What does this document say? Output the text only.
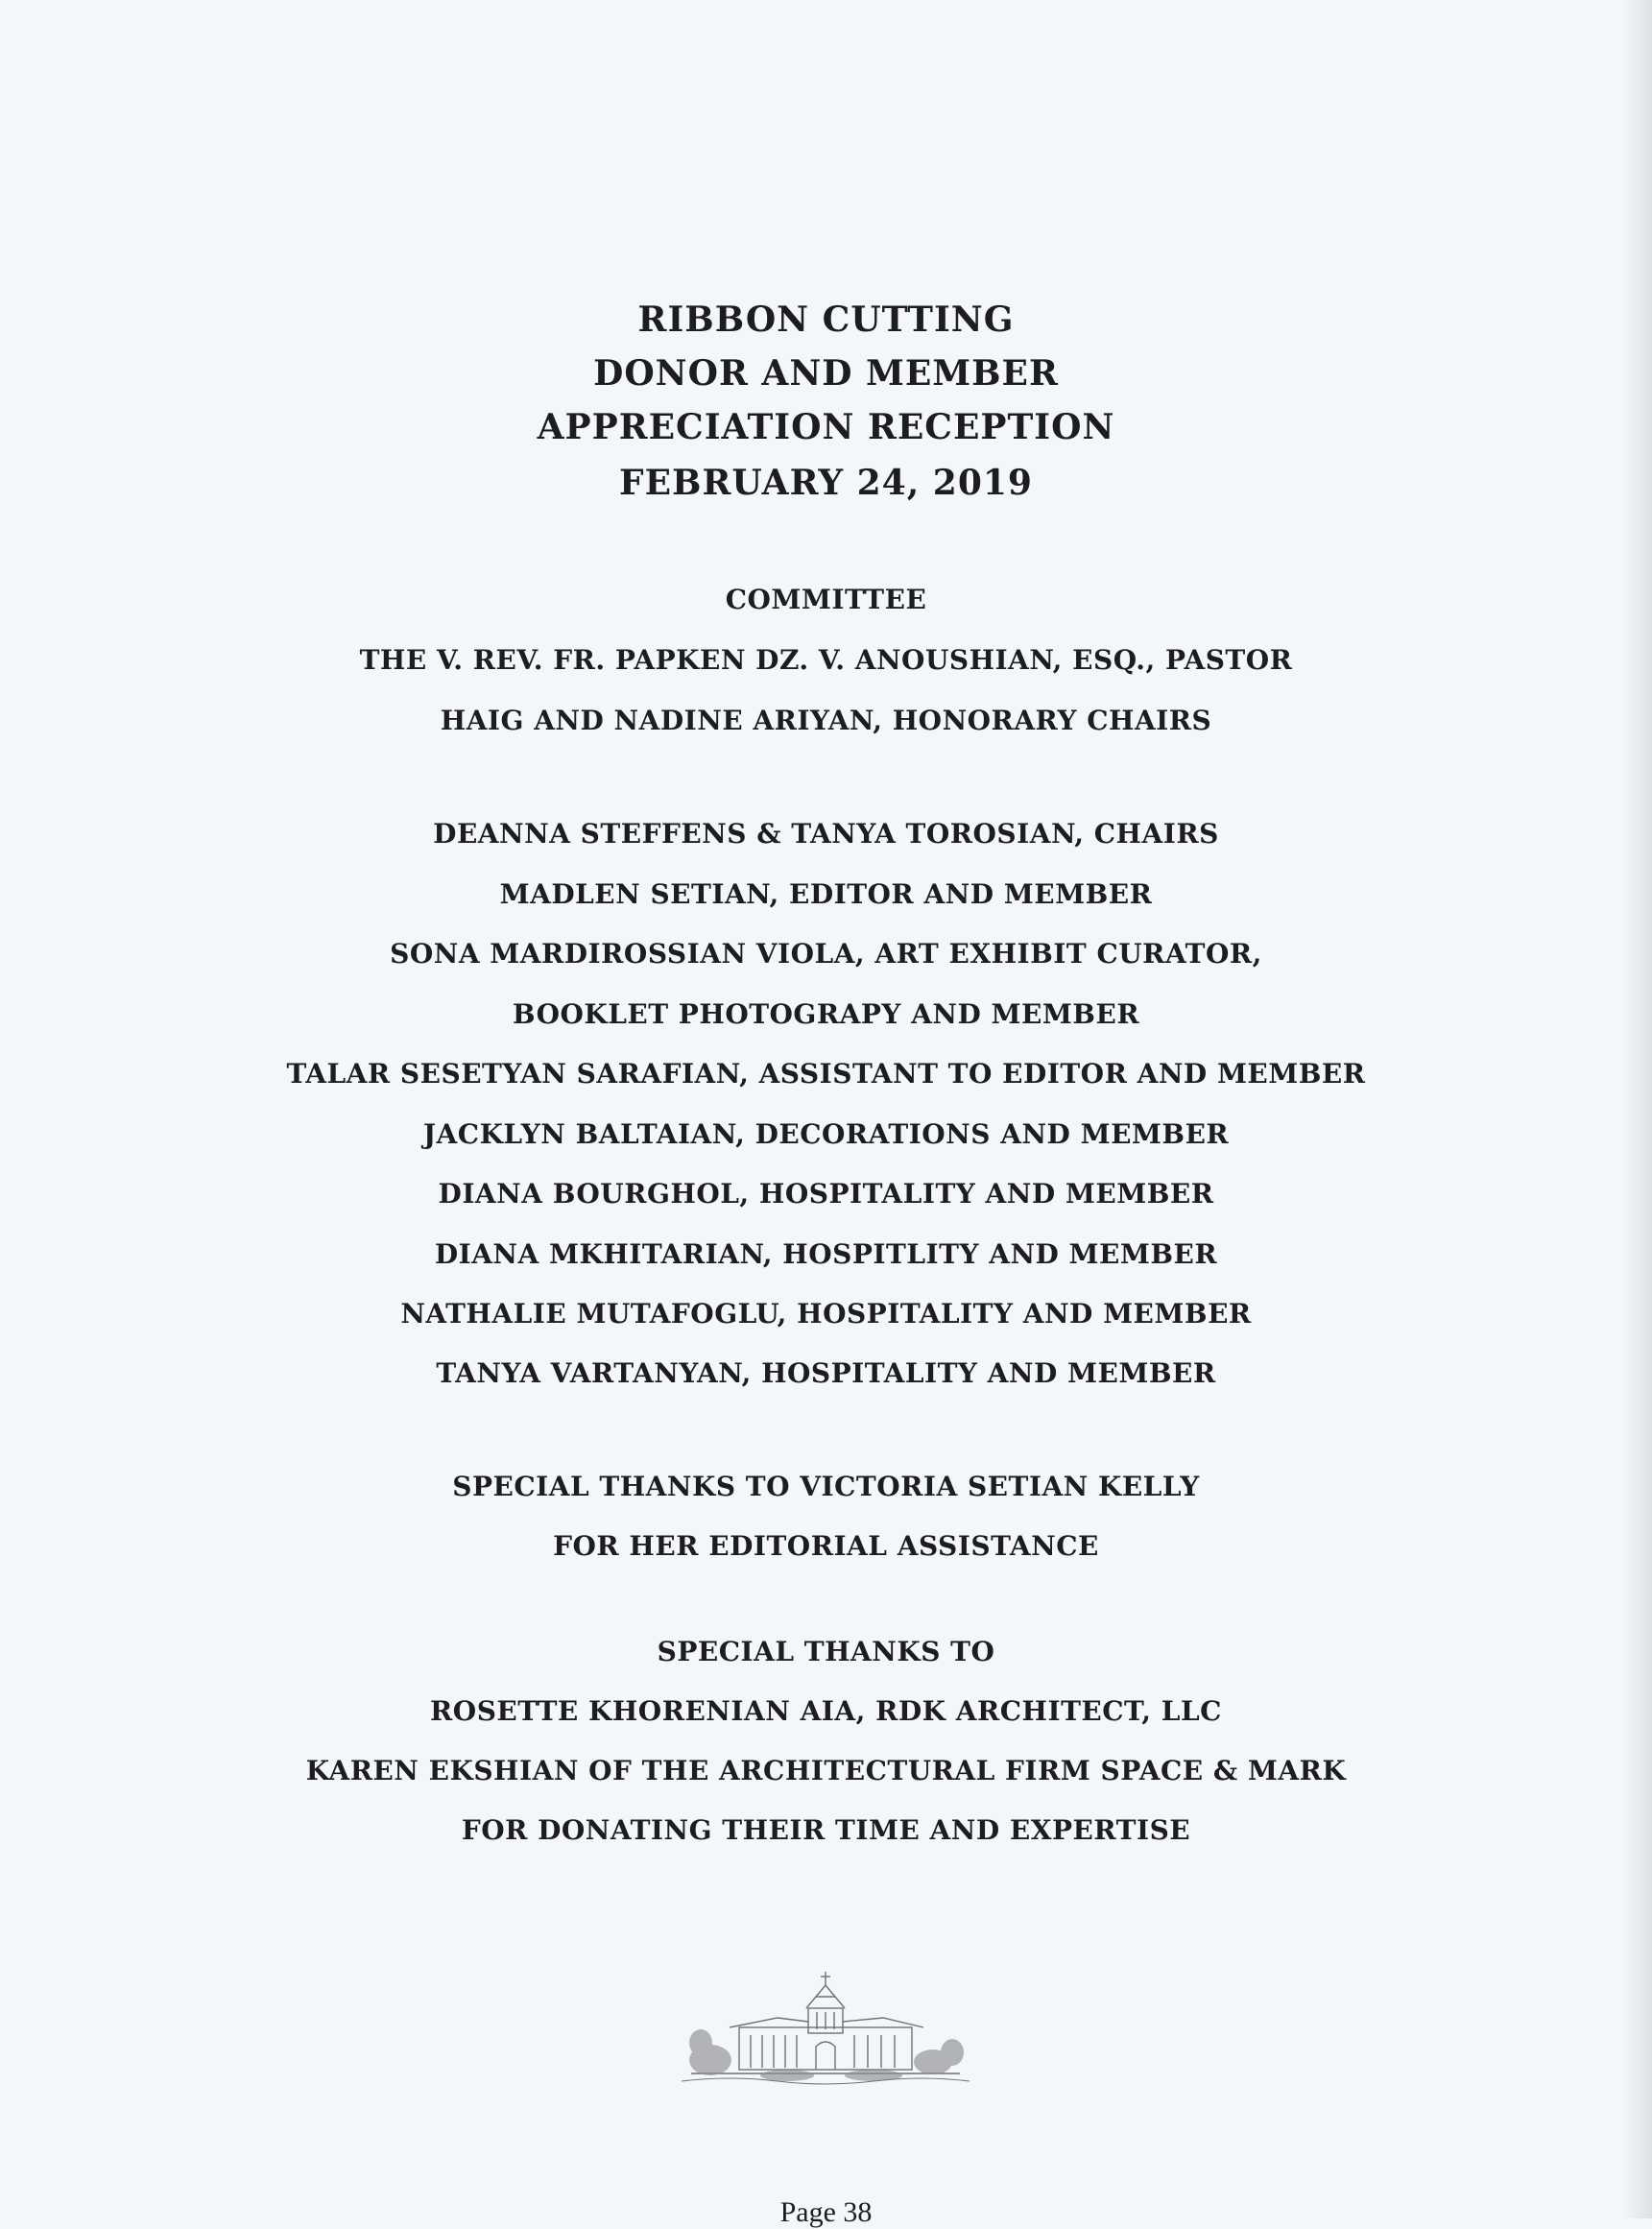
RIBBON CUTTING
DONOR AND MEMBER
APPRECIATION RECEPTION
FEBRUARY 24, 2019
COMMITTEE
THE V. REV. FR. PAPKEN DZ. V. ANOUSHIAN, ESQ., PASTOR
HAIG AND NADINE ARIYAN, HONORARY CHAIRS
DEANNA STEFFENS & TANYA TOROSIAN, CHAIRS
MADLEN SETIAN, EDITOR AND MEMBER
SONA MARDIROSSIAN VIOLA, ART EXHIBIT CURATOR,
BOOKLET PHOTOGRAPY AND MEMBER
TALAR SESETYAN SARAFIAN, ASSISTANT TO EDITOR AND MEMBER
JACKLYN BALTAIAN, DECORATIONS AND MEMBER
DIANA BOURGHOL, HOSPITALITY AND MEMBER
DIANA MKHITARIAN, HOSPITLITY AND MEMBER
NATHALIE MUTAFOGLU, HOSPITALITY AND MEMBER
TANYA VARTANYAN, HOSPITALITY AND MEMBER
SPECIAL THANKS TO VICTORIA SETIAN KELLY
FOR HER EDITORIAL ASSISTANCE
SPECIAL THANKS TO
ROSETTE KHORENIAN AIA, RDK ARCHITECT, LLC
KAREN EKSHIAN OF THE ARCHITECTURAL FIRM SPACE & MARK
FOR DONATING THEIR TIME AND EXPERTISE
Page 38
